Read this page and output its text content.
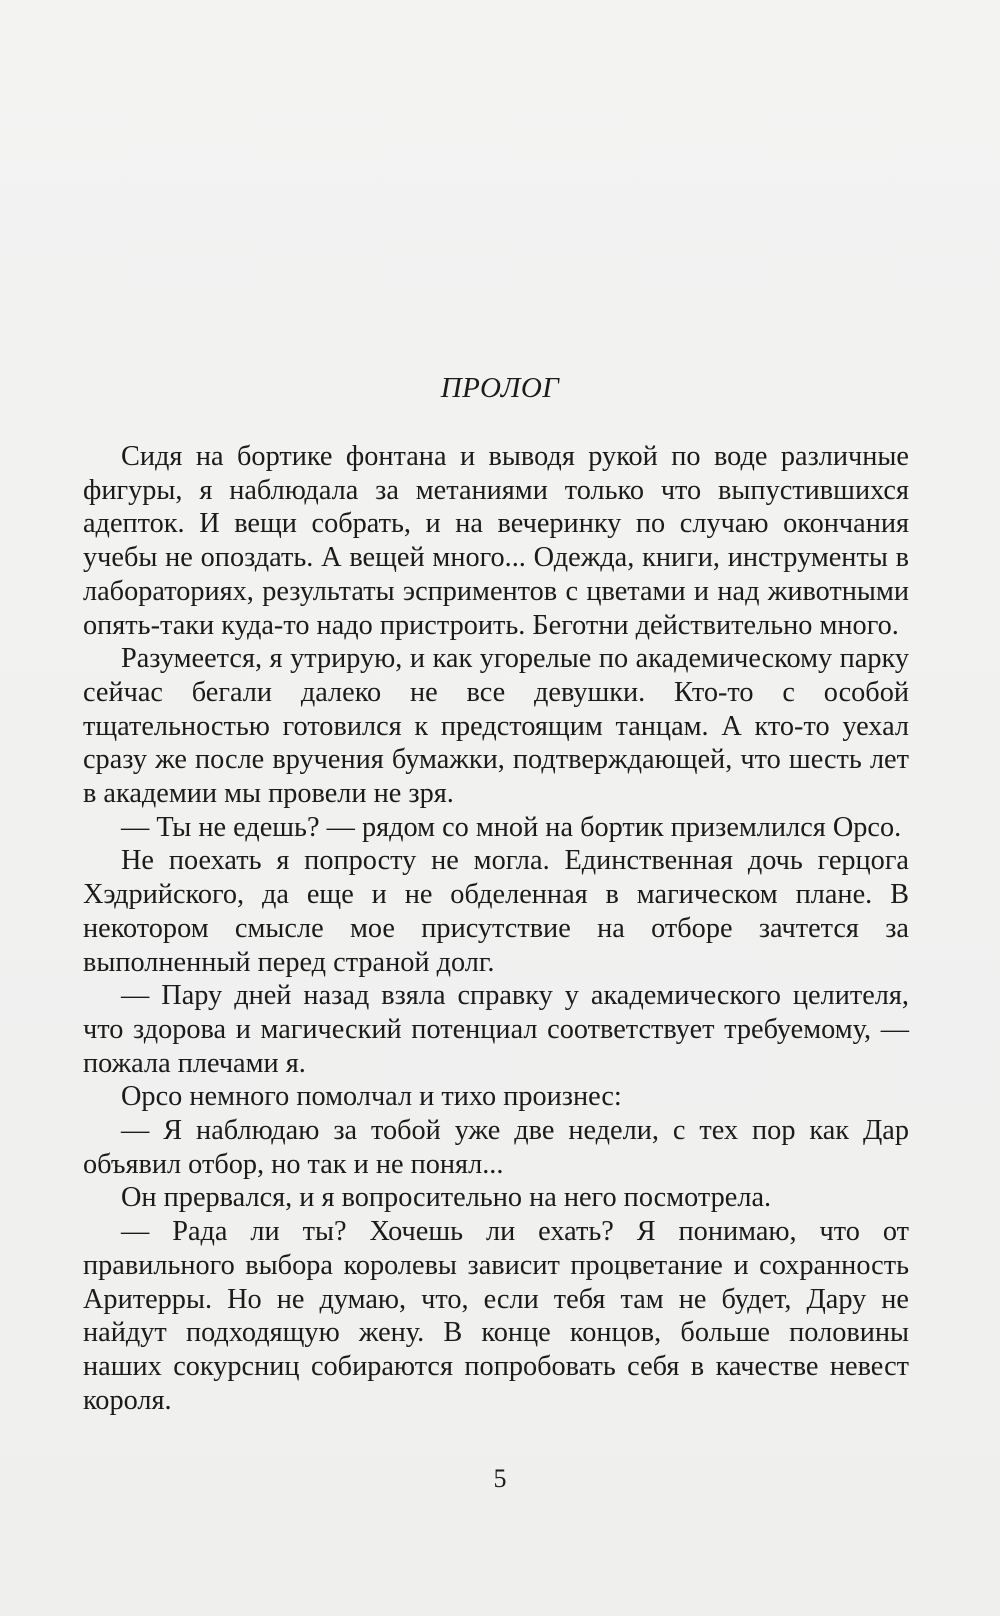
ПРОЛОГ

Сидя на бортике фонтана и выводя рукой по воде различные фигуры, я наблюдала за метаниями только что выпустившихся адепток. И вещи собрать, и на вечеринку по случаю окончания учебы не опоздать. А вещей много... Одежда, книги, инструменты в лабораториях, результаты эсприментов с цветами и над животными опять-таки куда-то надо пристроить. Беготни действительно много.

Разумеется, я утрирую, и как угорелые по академическому парку сейчас бегали далеко не все девушки. Кто-то с особой тщательностью готовился к предстоящим танцам. А кто-то уехал сразу же после вручения бумажки, подтверждающей, что шесть лет в академии мы провели не зря.

— Ты не едешь? — рядом со мной на бортик приземлился Орсо.

Не поехать я попросту не могла. Единственная дочь герцога Хэдрийского, да еще и не обделенная в магическом плане. В некотором смысле мое присутствие на отборе зачтется за выполненный перед страной долг.

— Пару дней назад взяла справку у академического целителя, что здорова и магический потенциал соответствует требуемому, — пожала плечами я.

Орсо немного помолчал и тихо произнес:

— Я наблюдаю за тобой уже две недели, с тех пор как Дар объявил отбор, но так и не понял...

Он прервался, и я вопросительно на него посмотрела.

— Рада ли ты? Хочешь ли ехать? Я понимаю, что от правильного выбора королевы зависит процветание и сохранность Аритерры. Но не думаю, что, если тебя там не будет, Дару не найдут подходящую жену. В конце концов, больше половины наших сокурсниц собираются попробовать себя в качестве невест короля.

5
